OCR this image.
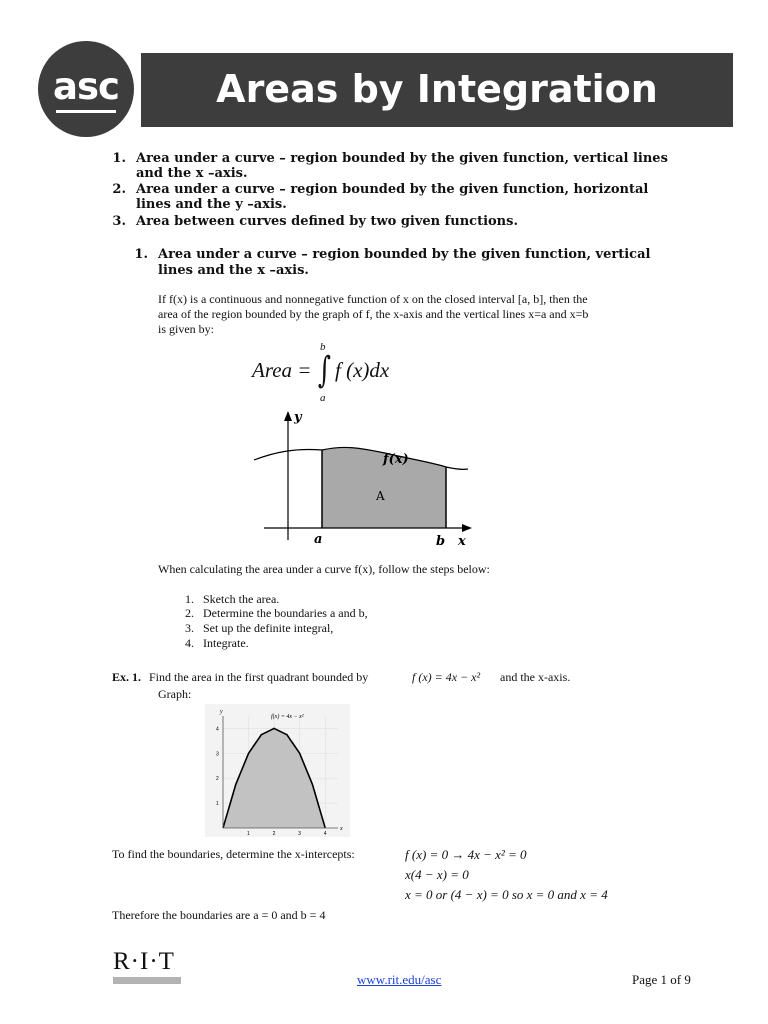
asc	Areas by Integration
1. Area under a curve – region bounded by the given function, vertical lines
and the x –axis.
2. Area under a curve – region bounded by the given function, horizontal
lines and the y –axis.
3. Area between curves defined by two given functions.
1. Area under a curve – region bounded by the given function, vertical
lines and the x –axis.
If f(x) is a continuous and nonnegative function of x on the closed interval [a, b], then the
area of the region bounded by the graph of f, the x-axis and the vertical lines x=a and x=b
is given by:
Area = ∫
b
a
f (x)dx
y
x
f(x)
A
a	b
When calculating the area under a curve f(x), follow the steps below:
1. Sketch the area.
2. Determine the boundaries a and b,
3. Set up the definite integral,
4. Integrate.
Ex. 1. Find the area in the first quadrant bounded by	f (x) = 4x − x² and the x-axis.
Graph:
1	2	3	4
1
2
3
4
f(x) = 4x − x²
x
y
To find the boundaries, determine the x-intercepts:	f (x) = 0 → 4x − x² = 0
x(4 − x) = 0
x = 0 or (4 − x) = 0 so x = 0 and x = 4
Therefore the boundaries are a = 0 and b = 4
R·I·T
www.rit.edu/asc	Page 1 of 9
